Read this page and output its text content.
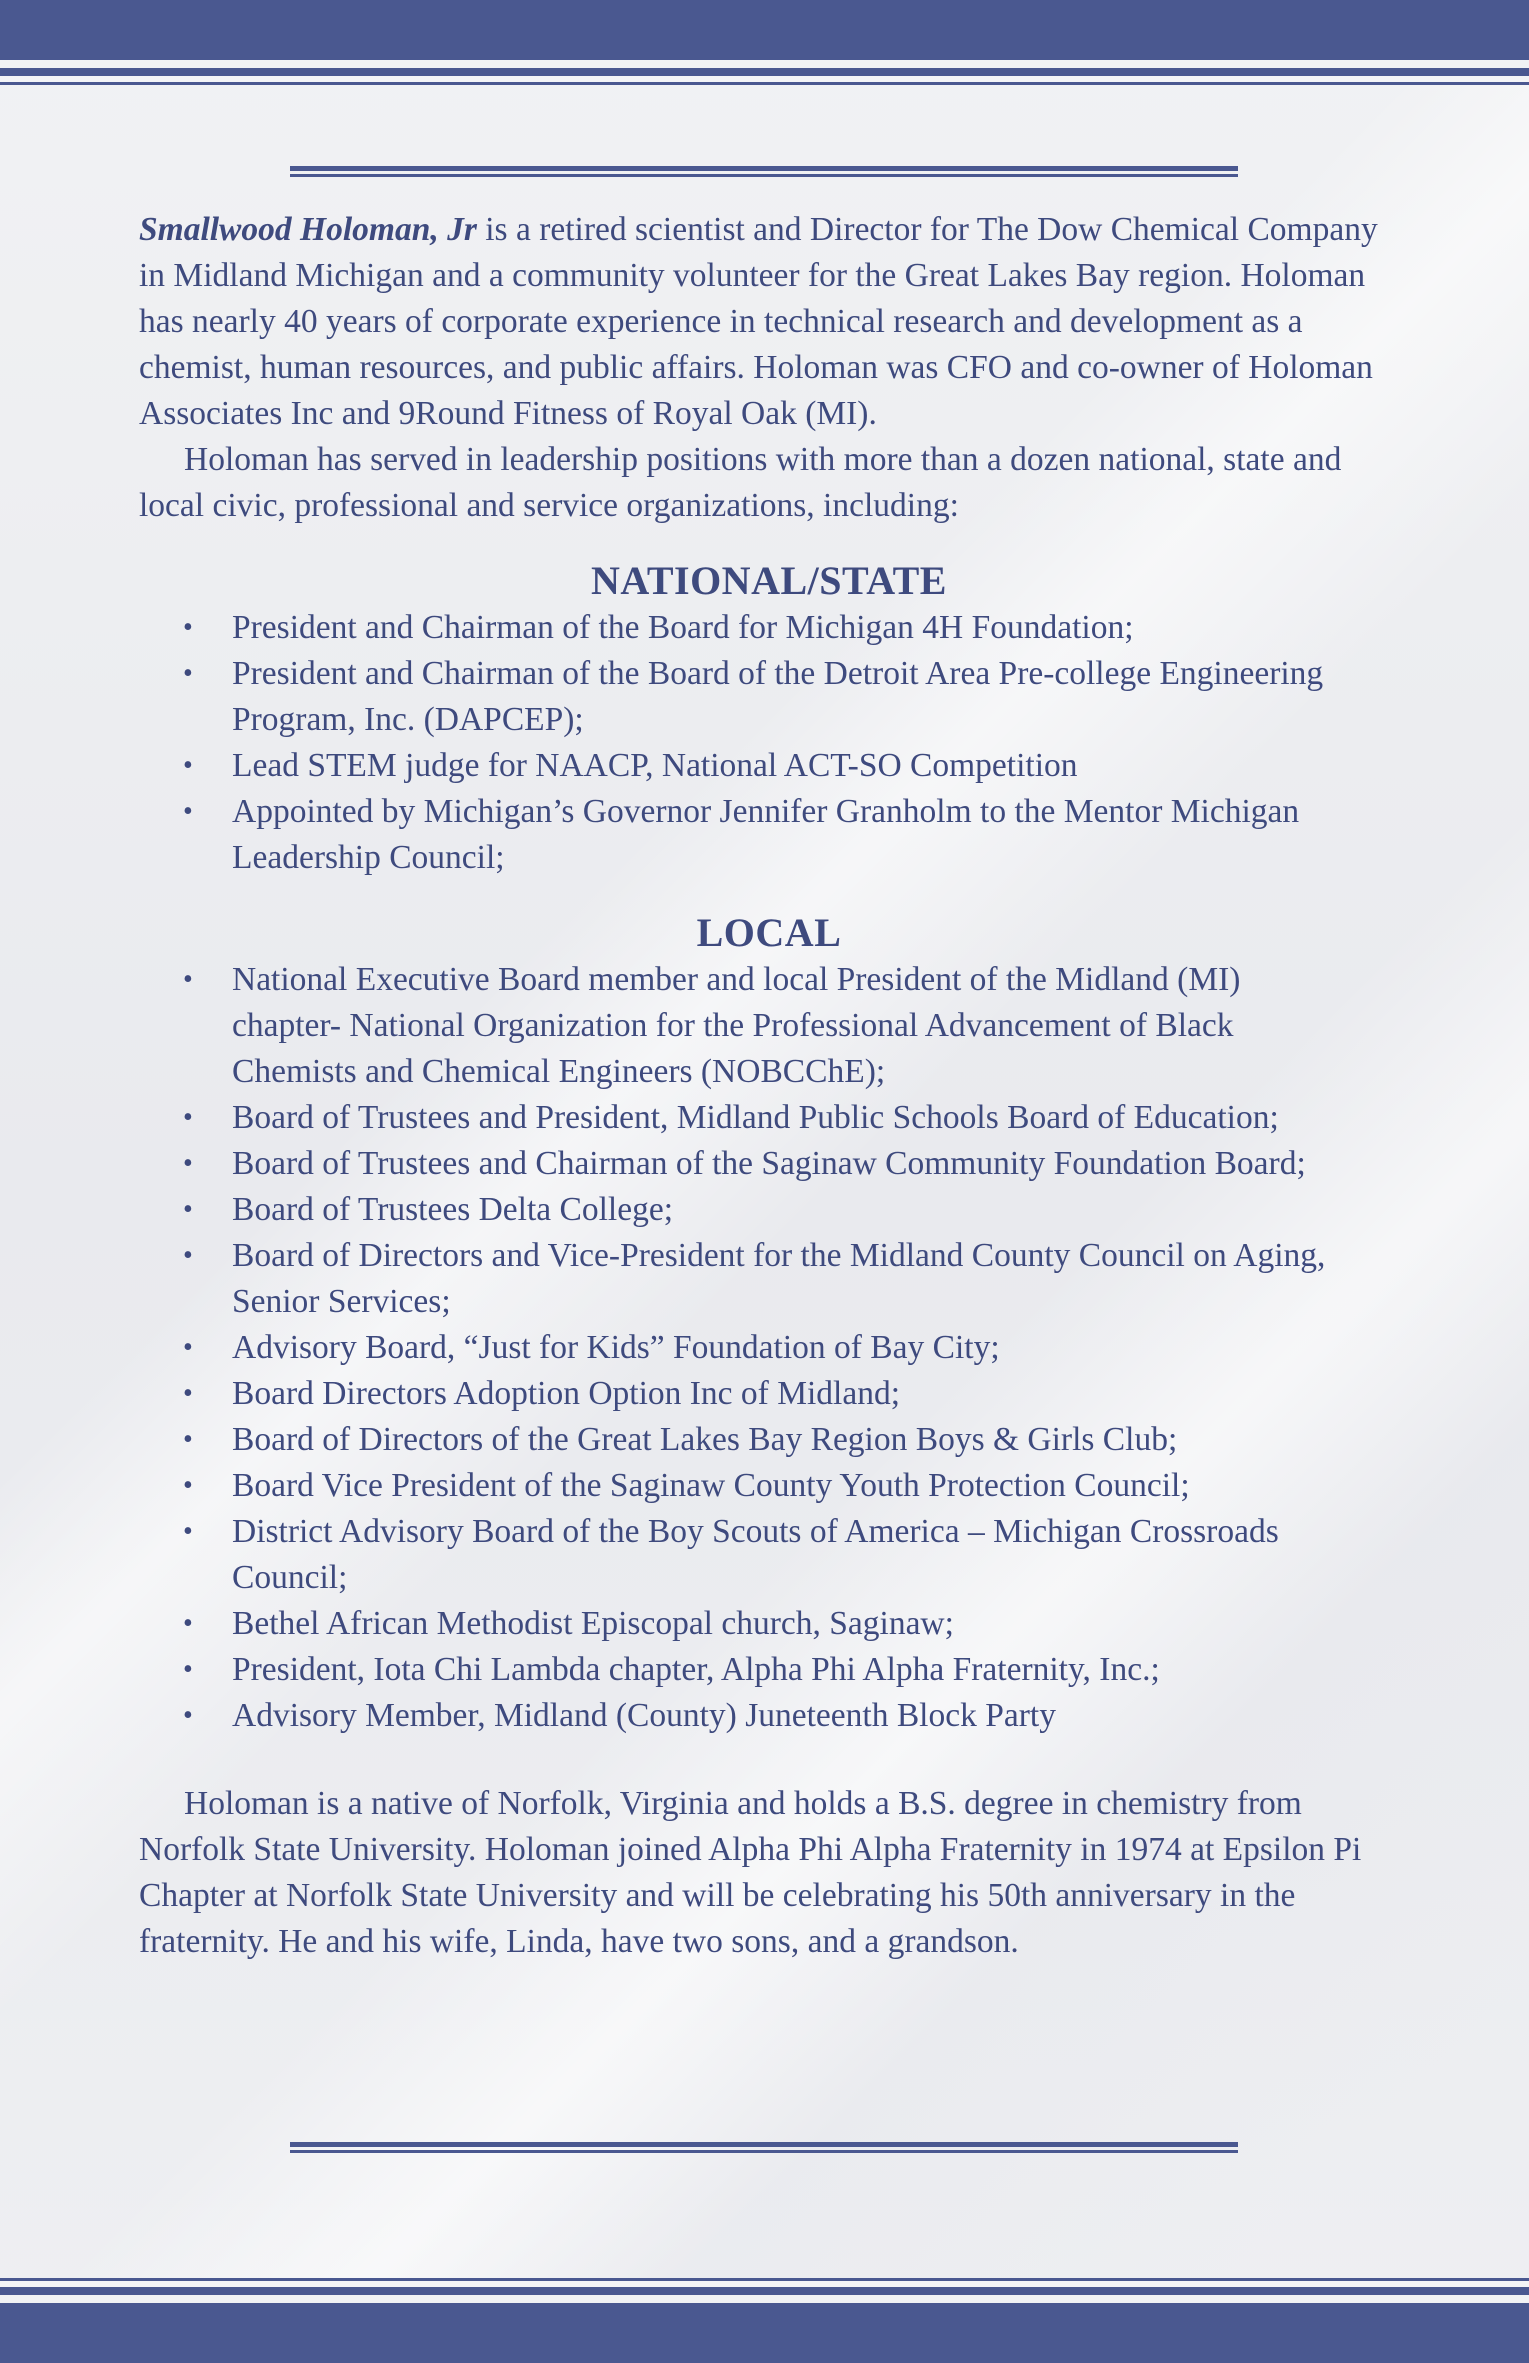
Smallwood Holoman, Jr is a retired scientist and Director for The Dow Chemical Company in Midland Michigan and a community volunteer for the Great Lakes Bay region. Holoman has nearly 40 years of corporate experience in technical research and development as a chemist, human resources, and public affairs. Holoman was CFO and co-owner of Holoman Associates Inc and 9Round Fitness of Royal Oak (MI).

Holoman has served in leadership positions with more than a dozen national, state and local civic, professional and service organizations, including:

NATIONAL/STATE
• President and Chairman of the Board for Michigan 4H Foundation;
• President and Chairman of the Board of the Detroit Area Pre-college Engineering Program, Inc. (DAPCEP);
• Lead STEM judge for NAACP, National ACT-SO Competition
• Appointed by Michigan’s Governor Jennifer Granholm to the Mentor Michigan Leadership Council;
LOCAL
• National Executive Board member and local President of the Midland (MI) chapter- National Organization for the Professional Advancement of Black Chemists and Chemical Engineers (NOBCChE);
• Board of Trustees and President, Midland Public Schools Board of Education;
• Board of Trustees and Chairman of the Saginaw Community Foundation Board;
• Board of Trustees Delta College;
• Board of Directors and Vice-President for the Midland County Council on Aging, Senior Services;
• Advisory Board, “Just for Kids” Foundation of Bay City;
• Board Directors Adoption Option Inc of Midland;
• Board of Directors of the Great Lakes Bay Region Boys & Girls Club;
• Board Vice President of the Saginaw County Youth Protection Council;
• District Advisory Board of the Boy Scouts of America – Michigan Crossroads Council;
• Bethel African Methodist Episcopal church, Saginaw;
• President, Iota Chi Lambda chapter, Alpha Phi Alpha Fraternity, Inc.;
• Advisory Member, Midland (County) Juneteenth Block Party

Holoman is a native of Norfolk, Virginia and holds a B.S. degree in chemistry from Norfolk State University. Holoman joined Alpha Phi Alpha Fraternity in 1974 at Epsilon Pi Chapter at Norfolk State University and will be celebrating his 50th anniversary in the fraternity. He and his wife, Linda, have two sons, and a grandson.
